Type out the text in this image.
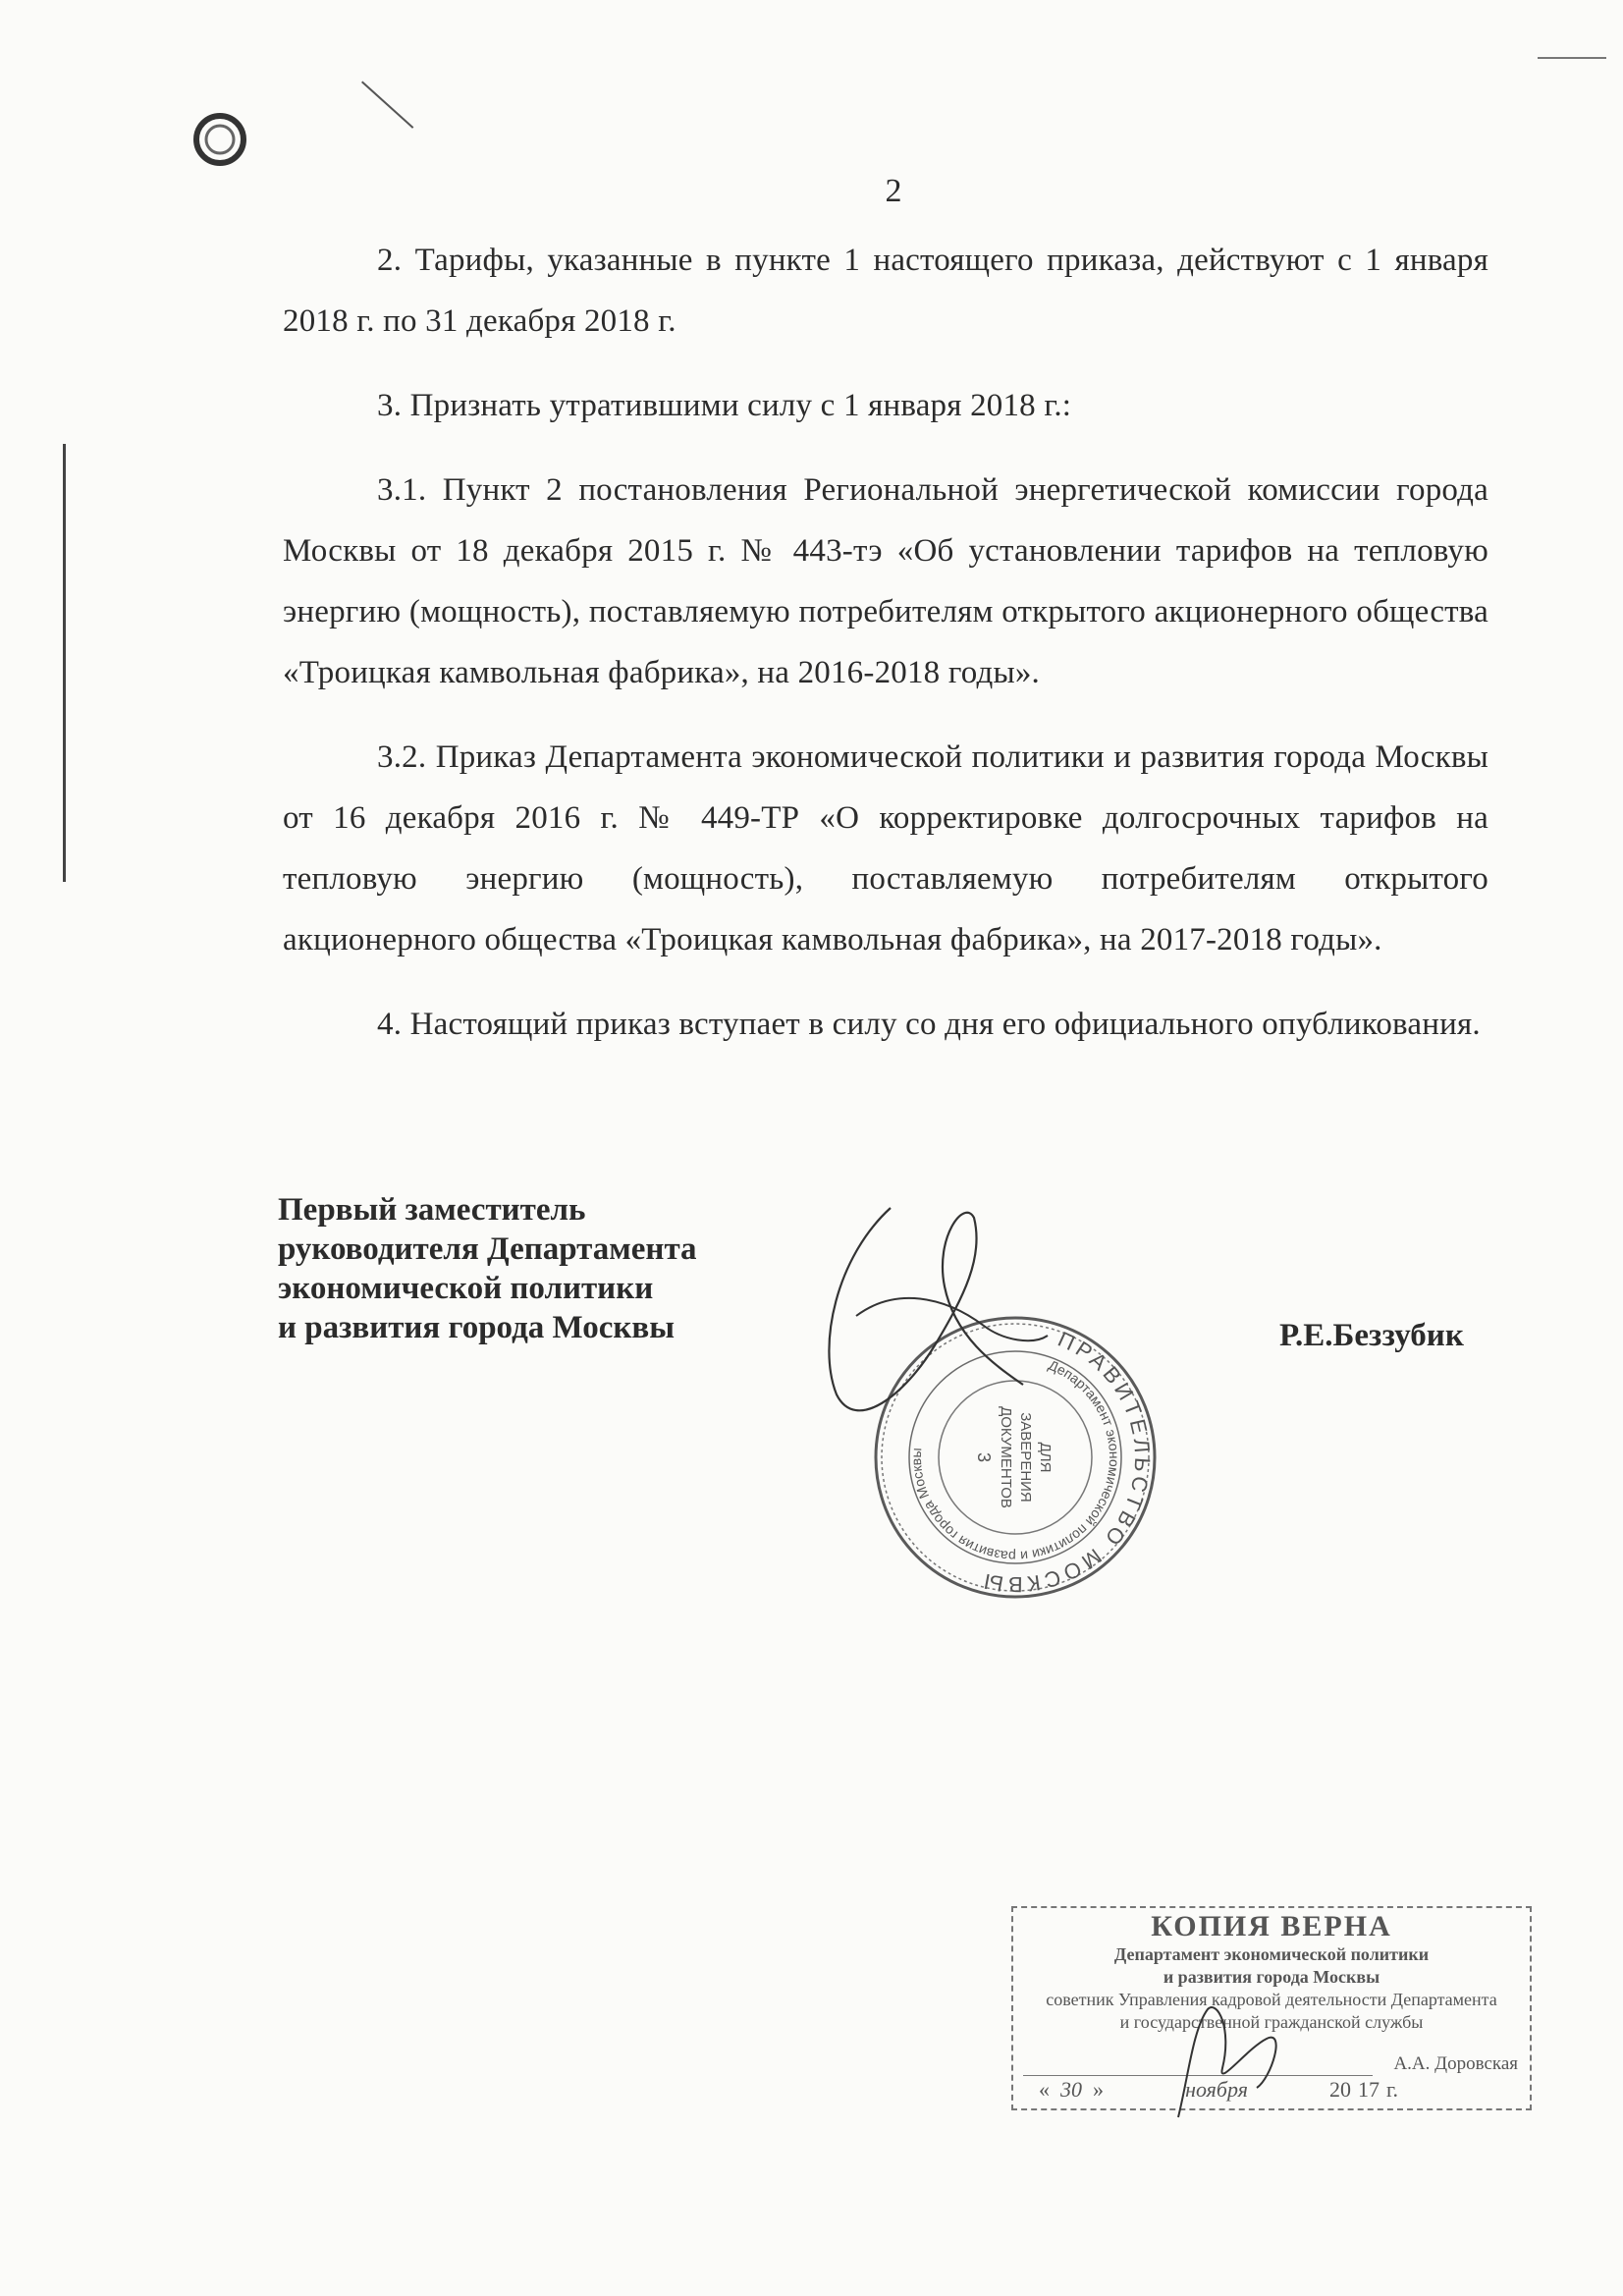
2

2. Тарифы, указанные в пункте 1 настоящего приказа, действуют с 1 января 2018 г. по 31 декабря 2018 г.

3. Признать утратившими силу с 1 января 2018 г.:

3.1. Пункт 2 постановления Региональной энергетической комиссии города Москвы от 18 декабря 2015 г. № 443-тэ «Об установлении тарифов на тепловую энергию (мощность), поставляемую потребителям открытого акционерного общества «Троицкая камвольная фабрика», на 2016-2018 годы».

3.2. Приказ Департамента экономической политики и развития города Москвы от 16 декабря 2016 г. № 449-ТР «О корректировке долгосрочных тарифов на тепловую энергию (мощность), поставляемую потребителям открытого акционерного общества «Троицкая камвольная фабрика», на 2017-2018 годы».

4. Настоящий приказ вступает в силу со дня его официального опубликования.

Первый заместитель
руководителя Департамента
экономической политики
и развития города Москвы	Р.Е.Беззубик
ПРАВИТЕЛЬСТВО МОСКВЫ
Департамент экономической политики и развития города Москвы	ДЛЯ
ЗАВЕРЕНИЯ
ДОКУМЕНТОВ
3
КОПИЯ ВЕРНА
Департамент экономической политики
и развития города Москвы
советник Управления кадровой деятельности Департамента
и государственной гражданской службы
А.А. Доровская
« 30 »	ноября	20 17 г.
